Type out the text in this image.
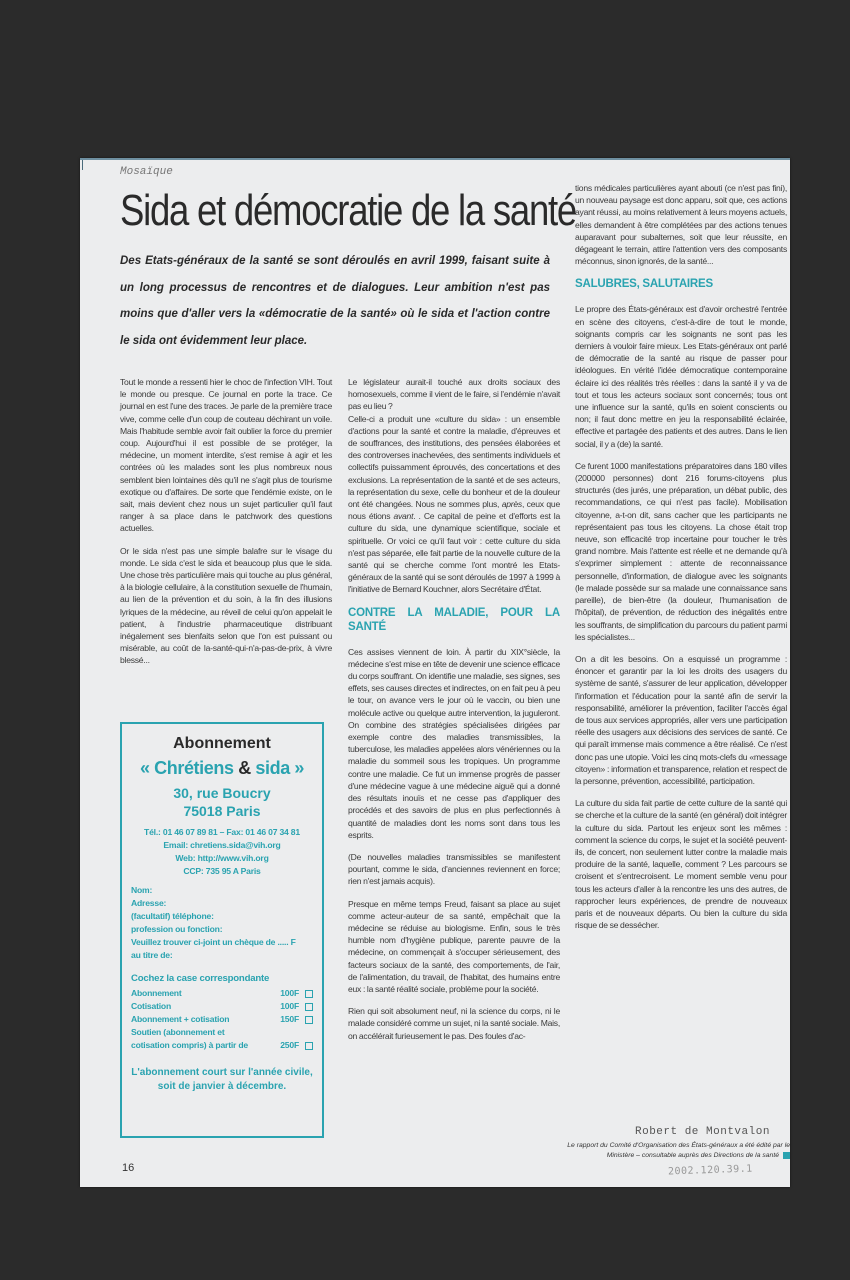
Mosaïque
Sida et démocratie de la santé
Des Etats-généraux de la santé se sont déroulés en avril 1999, faisant suite à un long processus de rencontres et de dialogues. Leur ambition n'est pas moins que d'aller vers la «démocratie de la santé» où le sida et l'action contre le sida ont évidemment leur place.

Tout le monde a ressenti hier le choc de l'infection VIH. Tout le monde ou presque. Ce journal en porte la trace. Ce journal en est l'une des traces. Je parle de la première trace vive, comme celle d'un coup de couteau déchirant un voile. Mais l'habitude semble avoir fait oublier la force du premier coup. Aujourd'hui il est possible de se protéger, la médecine, un moment interdite, s'est remise à agir et les contrées où les malades sont les plus nombreux nous semblent bien lointaines dès qu'il ne s'agit plus de tourisme exotique ou d'affaires. De sorte que l'endémie existe, on le sait, mais devient chez nous un sujet particulier qu'il faut ranger à sa place dans le patchwork des questions actuelles.

Or le sida n'est pas une simple balafre sur le visage du monde. Le sida c'est le sida et beaucoup plus que le sida. Une chose très particulière mais qui touche au plus général, à la biologie cellulaire, à la constitution sexuelle de l'humain, au lien de la prévention et du soin, à la fin des illusions lyriques de la médecine, au réveil de celui qu'on appelait le patient, à l'industrie pharmaceutique distribuant inégalement ses bienfaits selon que l'on est puissant ou misérable, au coût de la-santé-qui-n'a-pas-de-prix, à vivre blessé...

Abonnement
« Chrétiens & sida »
30, rue Boucry
75018 Paris
Tél.: 01 46 07 89 81 – Fax: 01 46 07 34 81
Email: chretiens.sida@vih.org
Web: http://www.vih.org
CCP: 735 95 A Paris
Nom:
Adresse:
(facultatif) téléphone:
profession ou fonction:
Veuillez trouver ci-joint un chèque de ..... F
au titre de:
Cochez la case correspondante
Abonnement	100F
Cotisation	100F
Abonnement + cotisation	150F
Soutien (abonnement et cotisation compris) à partir de	250F
L'abonnement court sur l'année civile,
soit de janvier à décembre.

Le législateur aurait-il touché aux droits sociaux des homosexuels, comme il vient de le faire, si l'endémie n'avait pas eu lieu ?

Celle-ci a produit une «culture du sida» : un ensemble d'actions pour la santé et contre la maladie, d'épreuves et de souffrances, des institutions, des pensées élaborées et des controverses inachevées, des sentiments individuels et collectifs puissamment éprouvés, des concertations et des exclusions. La représentation de la santé et de ses acteurs, la représentation du sexe, celle du bonheur et de la douleur ont été changées. Nous ne sommes plus, après, ceux que nous étions avant. . Ce capital de peine et d'efforts est la culture du sida, une dynamique scientifique, sociale et spirituelle. Or voici ce qu'il faut voir : cette culture du sida n'est pas séparée, elle fait partie de la nouvelle culture de la santé qui se cherche comme l'ont montré les Etats-généraux de la santé qui se sont déroulés de 1997 à 1999 à l'initiative de Bernard Kouchner, alors Secrétaire d'État.

CONTRE LA MALADIE, POUR LA SANTÉ

Ces assises viennent de loin. À partir du XIX°siècle, la médecine s'est mise en tête de devenir une science efficace du corps souffrant. On identifie une maladie, ses signes, ses effets, ses causes directes et indirectes, on en fait peu à peu le tour, on avance vers le jour où le vaccin, ou bien une molécule active ou quelque autre intervention, la juguleront. On combine des stratégies spécialisées dirigées par exemple contre des maladies transmissibles, la tuberculose, les maladies appelées alors vénériennes ou la maladie du sommeil sous les tropiques. Un programme contre une maladie. Ce fut un immense progrès de passer d'une médecine vague à une médecine aiguë qui a donné des résultats inouïs et ne cesse pas d'appliquer des procédés et des savoirs de plus en plus perfectionnés à quantité de maladies dont les noms sont dans tous les esprits.

(De nouvelles maladies transmissibles se manifestent pourtant, comme le sida, d'anciennes reviennent en force; rien n'est jamais acquis).

Presque en même temps Freud, faisant sa place au sujet comme acteur-auteur de sa santé, empêchait que la médecine se réduise au biologisme. Enfin, sous le très humble nom d'hygiène publique, parente pauvre de la médecine, on commençait à s'occuper sérieusement, des facteurs sociaux de la santé, des comportements, de l'air, de l'alimentation, du travail, de l'habitat, des humains entre eux : la santé réalité sociale, problème pour la société.

Rien qui soit absolument neuf, ni la science du corps, ni le malade considéré comme un sujet, ni la santé sociale. Mais, on accélérait furieusement le pas. Des foules d'ac-

tions médicales particulières ayant abouti (ce n'est pas fini), un nouveau paysage est donc apparu, soit que, ces actions ayant réussi, au moins relativement à leurs moyens actuels, elles demandent à être complétées par des actions tenues auparavant pour subalternes, soit que leur réussite, en dégageant le terrain, attire l'attention vers des composants méconnus, sinon ignorés, de la santé...

SALUBRES, SALUTAIRES

Le propre des États-généraux est d'avoir orchestré l'entrée en scène des citoyens, c'est-à-dire de tout le monde, soignants compris car les soignants ne sont pas les derniers à vouloir faire mieux. Les Etats-généraux ont parlé de démocratie de la santé au risque de passer pour idéologues. En vérité l'idée démocratique contemporaine éclaire ici des réalités très réelles : dans la santé il y va de tout et tous les acteurs sociaux sont concernés; tous ont une influence sur la santé, qu'ils en soient conscients ou non; il faut donc mettre en jeu la responsabilité éclairée, effective et partagée des patients et des autres. Dans le lien social, il y a (de) la santé.

Ce furent 1000 manifestations préparatoires dans 180 villes (200000 personnes) dont 216 forums-citoyens plus structurés (des jurés, une préparation, un débat public, des recommandations, ce qui n'est pas facile). Mobilisation citoyenne, a-t-on dit, sans cacher que les participants ne représentaient pas tous les citoyens. La chose était trop neuve, son efficacité trop incertaine pour toucher le très grand nombre. Mais l'attente est réelle et ne demande qu'à s'exprimer simplement : attente de reconnaissance personnelle, d'information, de dialogue avec les soignants (le malade possède sur sa malade une connaissance sans pareille), de bien-être (la douleur, l'humanisation de l'hôpital), de prévention, de réduction des inégalités entre les souffrants, de simplification du parcours du patient parmi les spécialistes...

On a dit les besoins. On a esquissé un programme : énoncer et garantir par la loi les droits des usagers du système de santé, s'assurer de leur application, développer l'information et l'éducation pour la santé afin de servir la responsabilité, améliorer la prévention, faciliter l'accès égal de tous aux services appropriés, aller vers une participation réelle des usagers aux décisions des services de santé. Ce qui paraît immense mais commence a être réalisé. Ce n'est donc pas une utopie. Voici les cinq mots-clefs du «message citoyen» : information et transparence, relation et respect de la personne, prévention, accessibilité, participation.

La culture du sida fait partie de cette culture de la santé qui se cherche et la culture de la santé (en général) doit intégrer la culture du sida. Partout les enjeux sont les mêmes : comment la science du corps, le sujet et la société peuvent-ils, de concert, non seulement lutter contre la maladie mais produire de la santé, laquelle, comment ? Les parcours se croisent et s'entrecroisent. Le moment semble venu pour tous les acteurs d'aller à la rencontre les uns des autres, de rapprocher leurs expériences, de prendre de nouveaux paris et de nouveaux départs. Ou bien la culture du sida risque de se dessécher.

Robert de Montvalon
Le rapport du Comité d'Organisation des États-généraux a été édité par le Ministère – consultable auprès des Directions de la santé
16	2002.120.39.1
